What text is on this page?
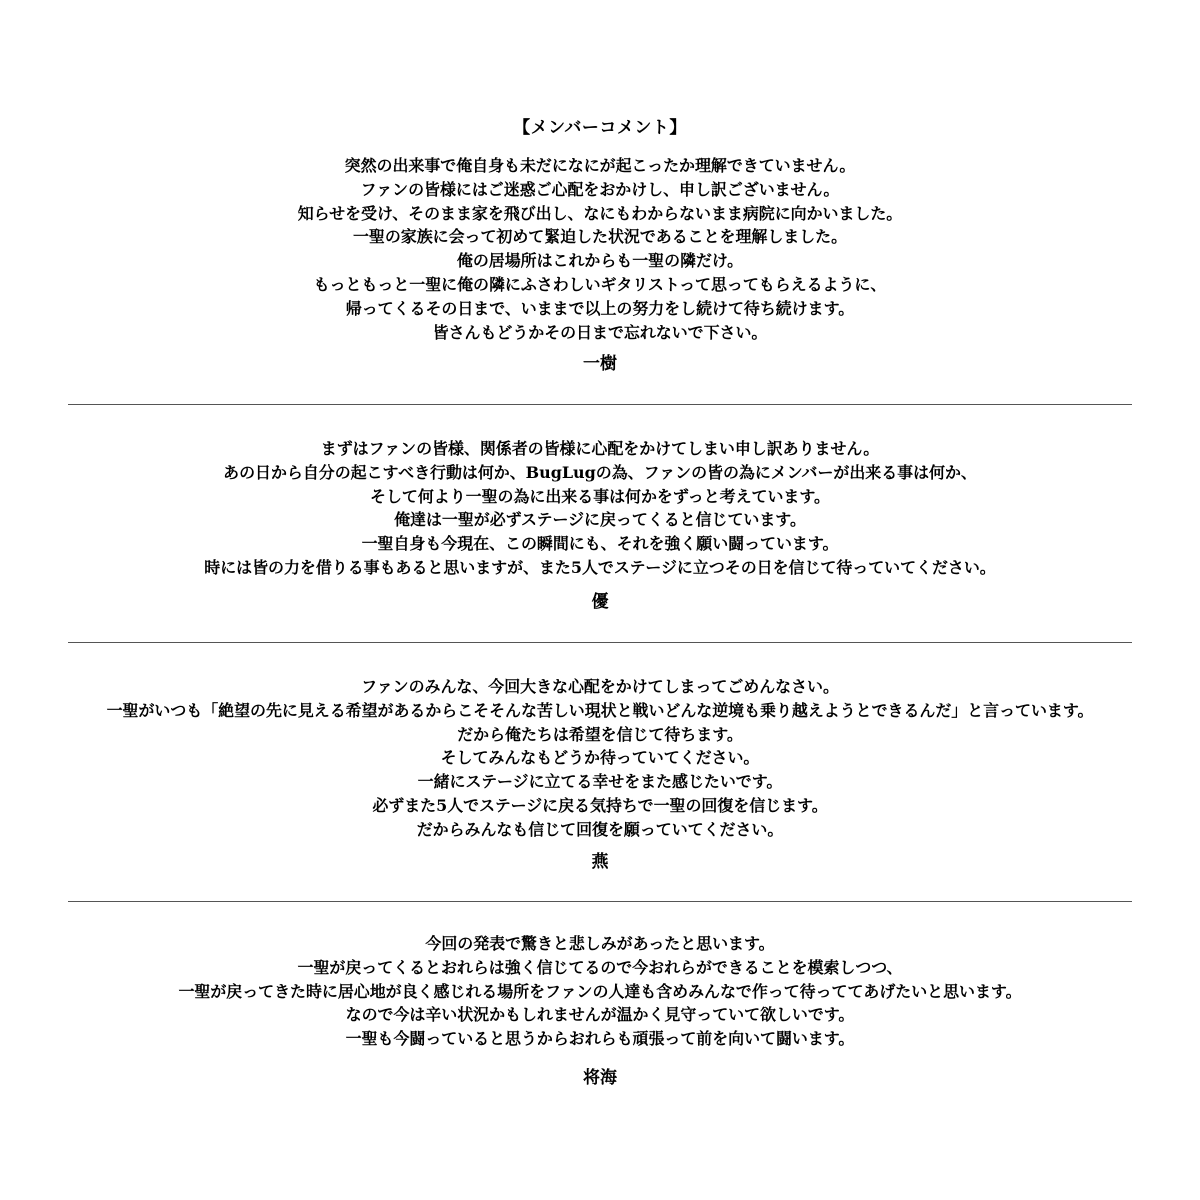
【メンバーコメント】
突然の出来事で俺自身も未だになにが起こったか理解できていません。
ファンの皆様にはご迷惑ご心配をおかけし、申し訳ございません。
知らせを受け、そのまま家を飛び出し、なにもわからないまま病院に向かいました。
一聖の家族に会って初めて緊迫した状況であることを理解しました。
俺の居場所はこれからも一聖の隣だけ。
もっともっと一聖に俺の隣にふさわしいギタリストって思ってもらえるように、
帰ってくるその日まで、いままで以上の努力をし続けて待ち続けます。
皆さんもどうかその日まで忘れないで下さい。
一樹
まずはファンの皆様、関係者の皆様に心配をかけてしまい申し訳ありません。
あの日から自分の起こすべき行動は何か、BugLugの為、ファンの皆の為にメンバーが出来る事は何か、
そして何より一聖の為に出来る事は何かをずっと考えています。
俺達は一聖が必ずステージに戻ってくると信じています。
一聖自身も今現在、この瞬間にも、それを強く願い闘っています。
時には皆の力を借りる事もあると思いますが、また5人でステージに立つその日を信じて待っていてください。
優
ファンのみんな、今回大きな心配をかけてしまってごめんなさい。
一聖がいつも「絶望の先に見える希望があるからこそそんな苦しい現状と戦いどんな逆境も乗り越えようとできるんだ」と言っています。
だから俺たちは希望を信じて待ちます。
そしてみんなもどうか待っていてください。
一緒にステージに立てる幸せをまた感じたいです。
必ずまた5人でステージに戻る気持ちで一聖の回復を信じます。
だからみんなも信じて回復を願っていてください。
燕
今回の発表で驚きと悲しみがあったと思います。
一聖が戻ってくるとおれらは強く信じてるので今おれらができることを模索しつつ、
一聖が戻ってきた時に居心地が良く感じれる場所をファンの人達も含めみんなで作って待っててあげたいと思います。
なので今は辛い状況かもしれませんが温かく見守っていて欲しいです。
一聖も今闘っていると思うからおれらも頑張って前を向いて闘います。
将海
